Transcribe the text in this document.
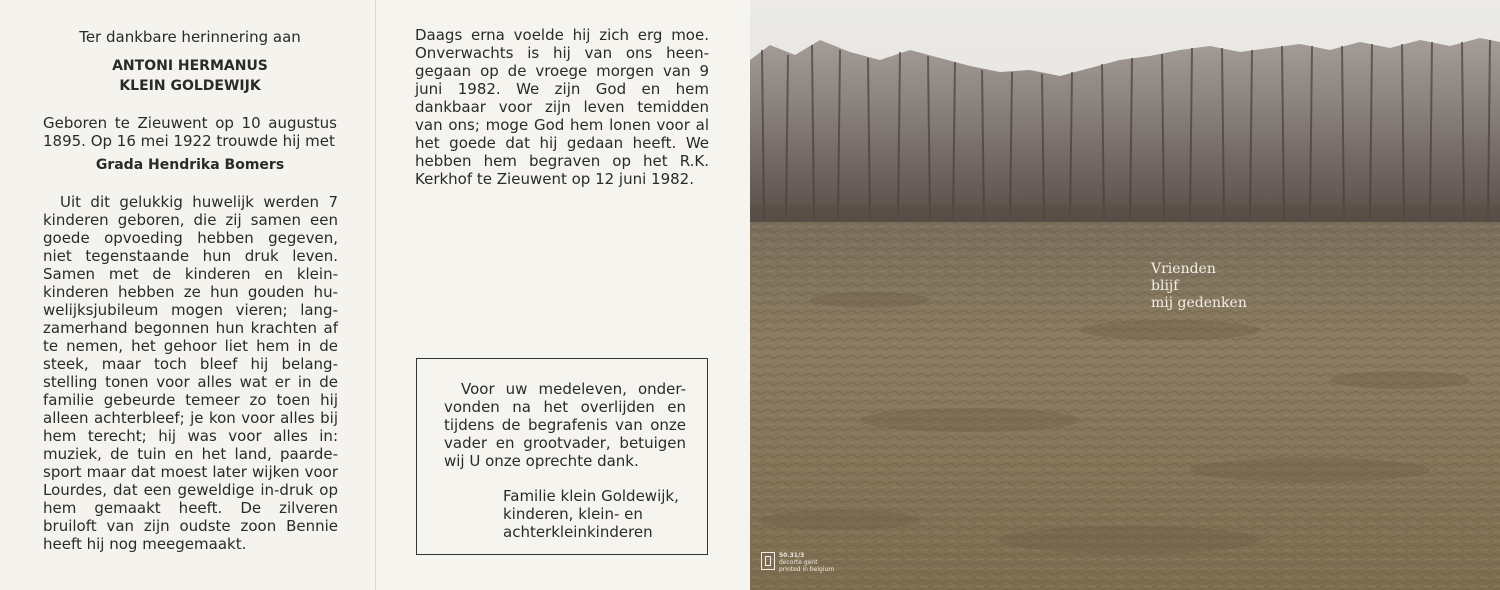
Ter dankbare herinnering aan

ANTONI HERMANUS

KLEIN GOLDEWIJK

Geboren te Zieuwent op 10 augustus 1895. Op 16 mei 1922 trouwde hij met

Grada Hendrika Bomers

Uit dit gelukkig huwelijk werden 7 kinderen geboren, die zij samen een goede opvoeding hebben gegeven, niet tegenstaande hun druk leven. Samen met de kinderen en klein-kinderen hebben ze hun gouden hu-welijksjubileum mogen vieren; lang-zamerhand begonnen hun krachten af te nemen, het gehoor liet hem in de steek, maar toch bleef hij belang-stelling tonen voor alles wat er in de familie gebeurde temeer zo toen hij alleen achterbleef; je kon voor alles bij hem terecht; hij was voor alles in: muziek, de tuin en het land, paarde-sport maar dat moest later wijken voor Lourdes, dat een geweldige in-druk op hem gemaakt heeft. De zilveren bruiloft van zijn oudste zoon Bennie heeft hij nog meegemaakt.

Daags erna voelde hij zich erg moe. Onverwachts is hij van ons heen-gegaan op de vroege morgen van 9 juni 1982. We zijn God en hem dankbaar voor zijn leven temidden van ons; moge God hem lonen voor al het goede dat hij gedaan heeft. We hebben hem begraven op het R.K. Kerkhof te Zieuwent op 12 juni 1982.

Voor uw medeleven, onder-vonden na het overlijden en tijdens de begrafenis van onze vader en grootvader, betuigen wij U onze oprechte dank.

Familie klein Goldewijk,

kinderen, klein- en

achterkleinkinderen

Vrienden
blijf
mij gedenken

50.31/3
decorte gent
printed in belgium
